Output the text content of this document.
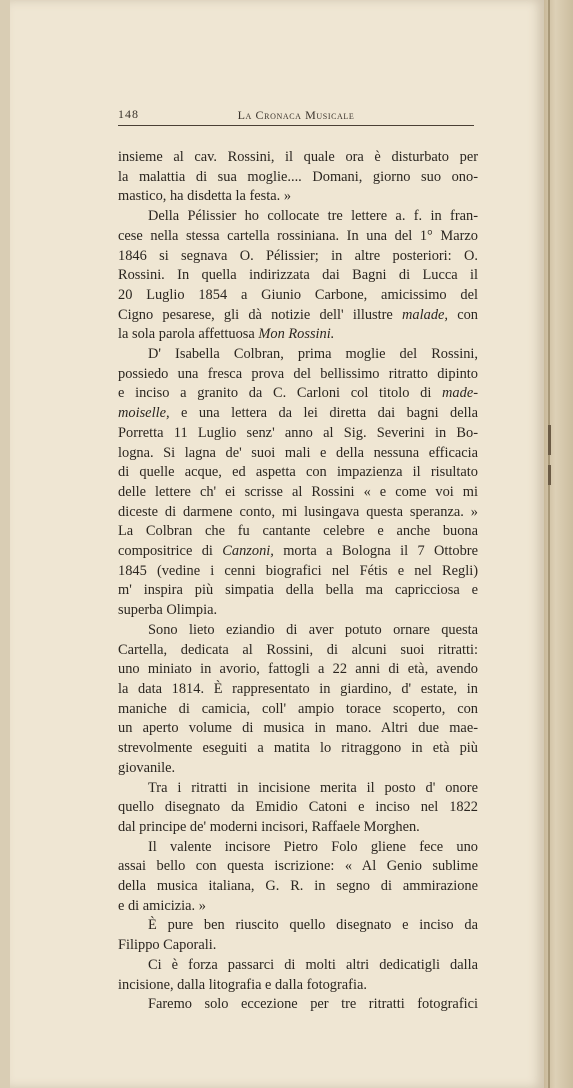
148	La Cronaca Musicale
insieme al cav. Rossini, il quale ora è disturbato per
la malattia di sua moglie.... Domani, giorno suo ono-
mastico, ha disdetta la festa. »
Della Pélissier ho collocate tre lettere a. f. in fran-
cese nella stessa cartella rossiniana. In una del 1° Marzo
1846 si segnava O. Pélissier; in altre posteriori: O.
Rossini. In quella indirizzata dai Bagni di Lucca il
20 Luglio 1854 a Giunio Carbone, amicissimo del
Cigno pesarese, gli dà notizie dell' illustre malade, con
la sola parola affettuosa Mon Rossini.
D' Isabella Colbran, prima moglie del Rossini,
possiedo una fresca prova del bellissimo ritratto dipinto
e inciso a granito da C. Carloni col titolo di made-
moiselle, e una lettera da lei diretta dai bagni della
Porretta 11 Luglio senz' anno al Sig. Severini in Bo-
logna. Si lagna de' suoi mali e della nessuna efficacia
di quelle acque, ed aspetta con impazienza il risultato
delle lettere ch' ei scrisse al Rossini « e come voi mi
diceste di darmene conto, mi lusingava questa speranza. »
La Colbran che fu cantante celebre e anche buona
compositrice di Canzoni, morta a Bologna il 7 Ottobre
1845 (vedine i cenni biografici nel Fétis e nel Regli)
m' inspira più simpatia della bella ma capricciosa e
superba Olimpia.
Sono lieto eziandio di aver potuto ornare questa
Cartella, dedicata al Rossini, di alcuni suoi ritratti:
uno miniato in avorio, fattogli a 22 anni di età, avendo
la data 1814. È rappresentato in giardino, d' estate, in
maniche di camicia, coll' ampio torace scoperto, con
un aperto volume di musica in mano. Altri due mae-
strevolmente eseguiti a matita lo ritraggono in età più
giovanile.
Tra i ritratti in incisione merita il posto d' onore
quello disegnato da Emidio Catoni e inciso nel 1822
dal principe de' moderni incisori, Raffaele Morghen.
Il valente incisore Pietro Folo gliene fece uno
assai bello con questa iscrizione: « Al Genio sublime
della musica italiana, G. R. in segno di ammirazione
e di amicizia. »
È pure ben riuscito quello disegnato e inciso da
Filippo Caporali.
Ci è forza passarci di molti altri dedicatigli dalla
incisione, dalla litografia e dalla fotografia.
Faremo solo eccezione per tre ritratti fotografici
